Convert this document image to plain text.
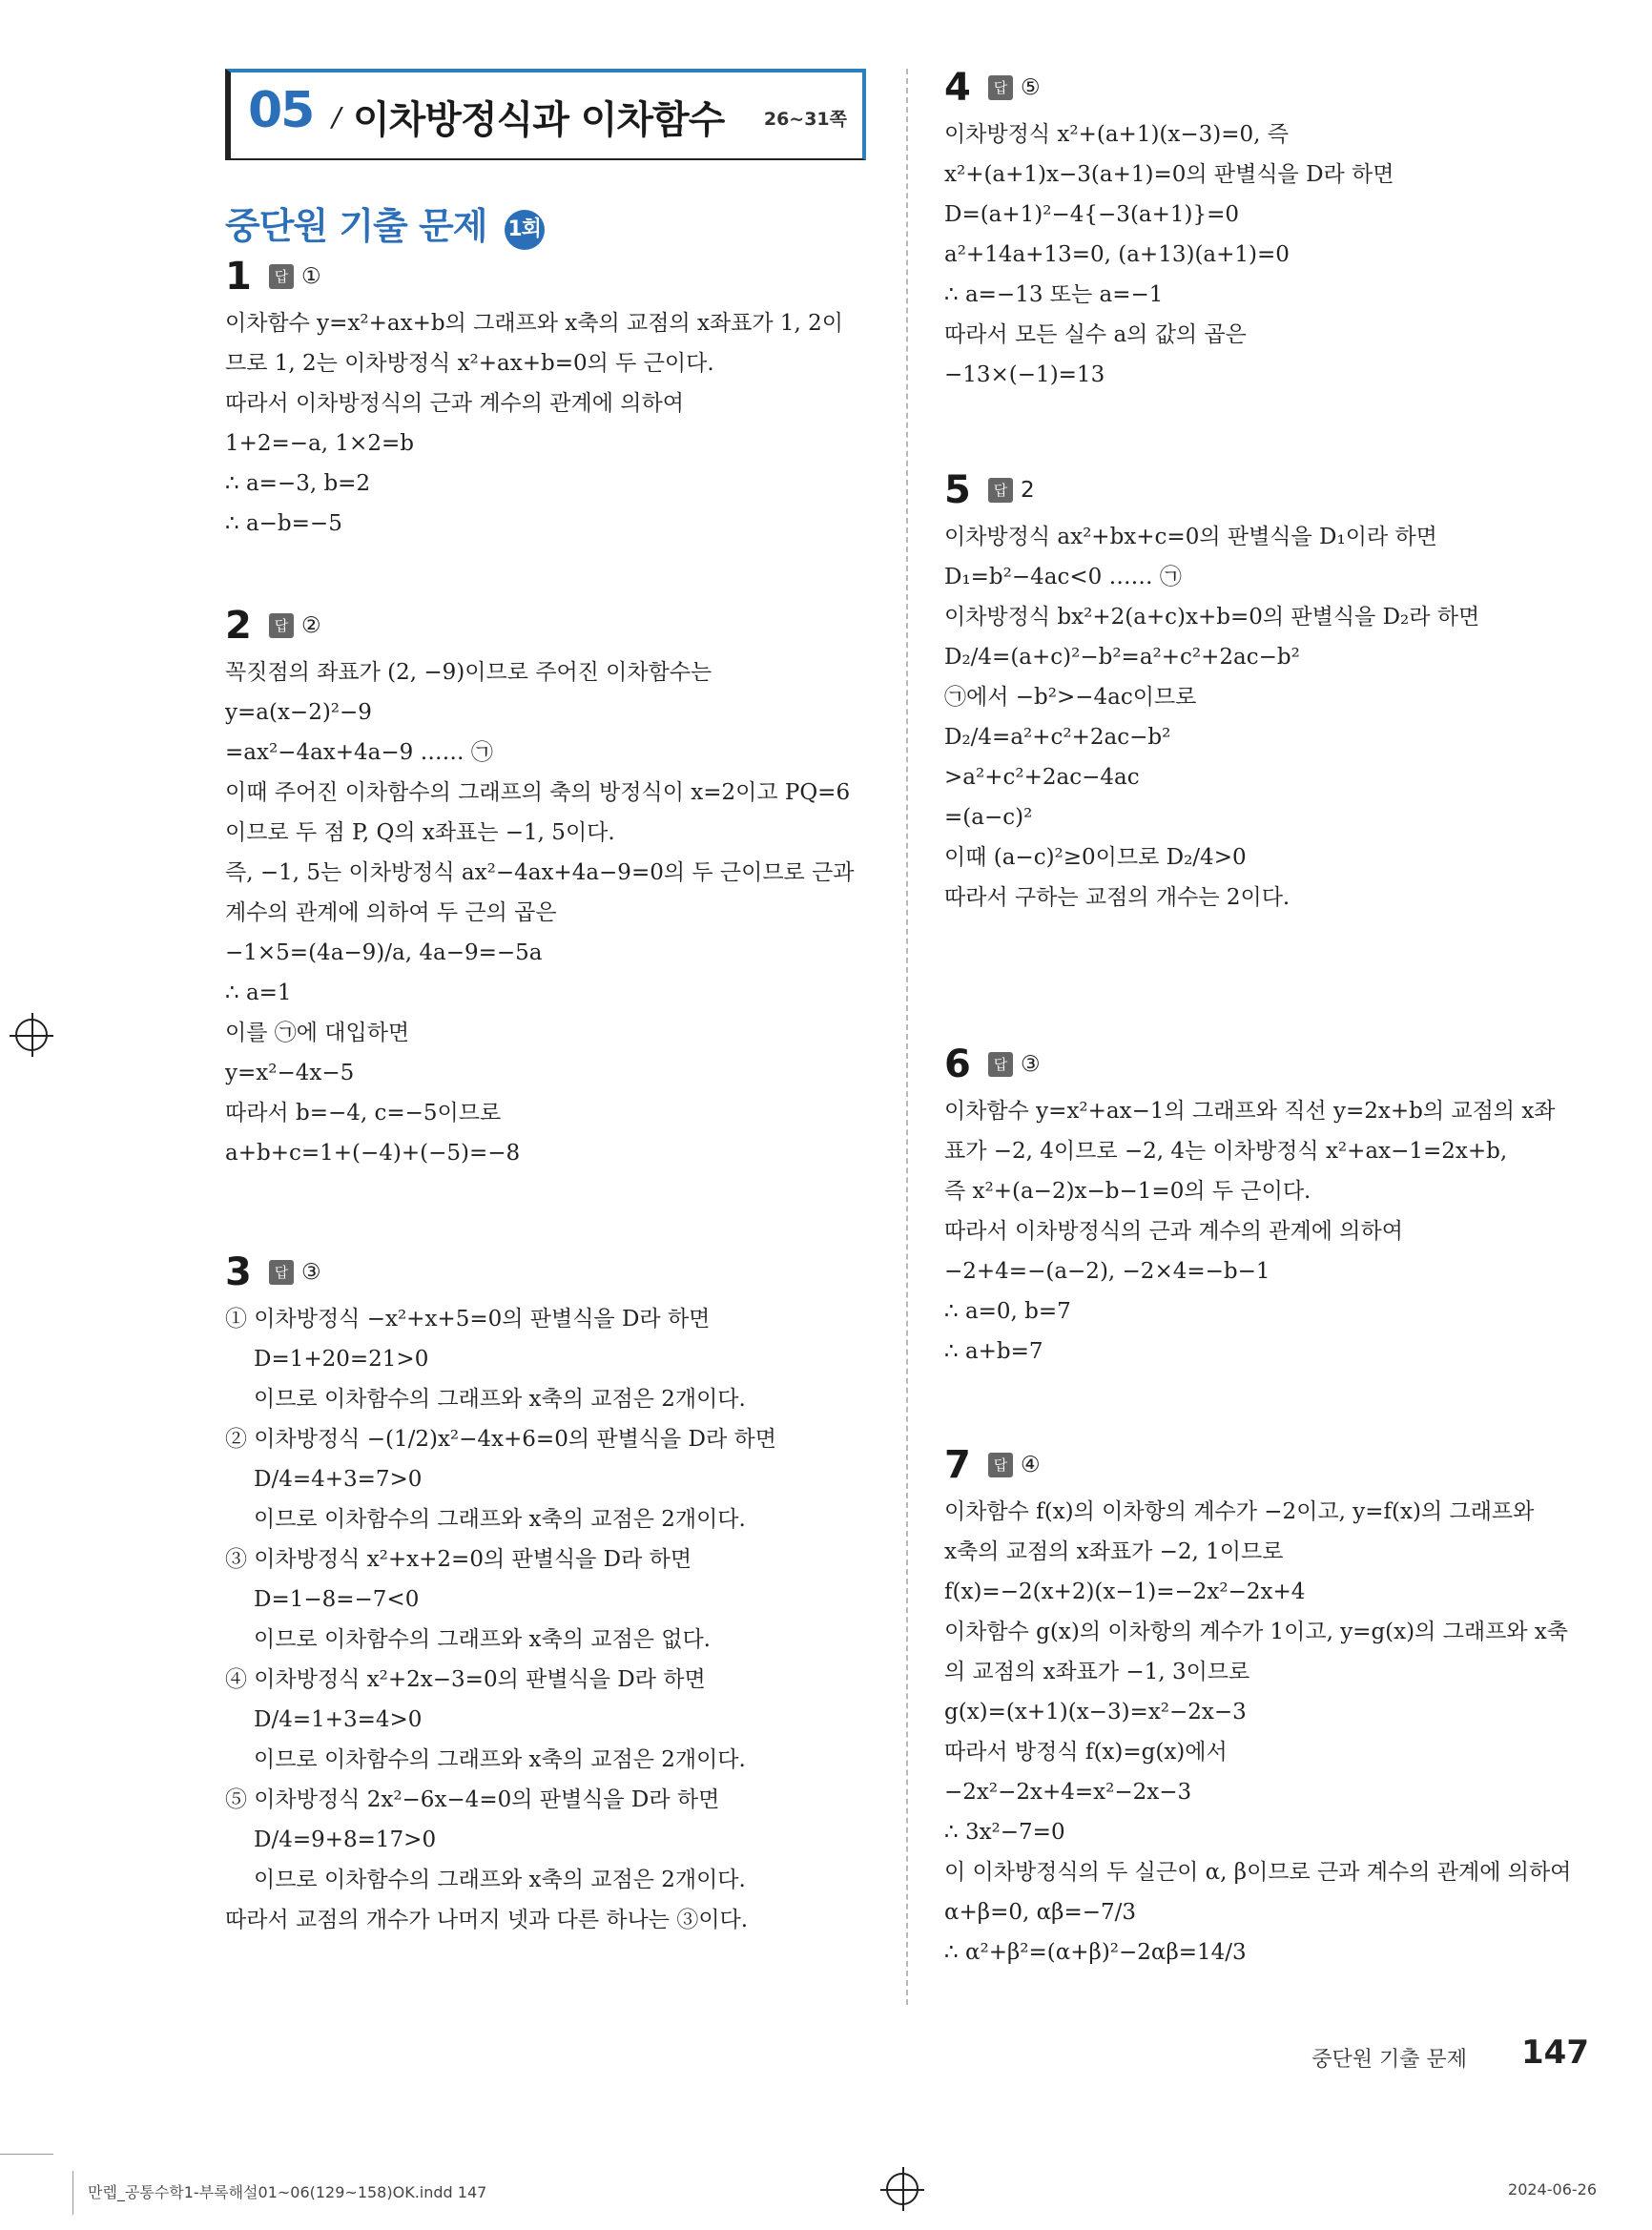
05 / 이차방정식과 이차함수 26~31쪽
중단원 기출 문제 1회
1	답 ①
이차함수 y=x²+ax+b의 그래프와 x축의 교점의 x좌표가 1, 2이
므로 1, 2는 이차방정식 x²+ax+b=0의 두 근이다.
따라서 이차방정식의 근과 계수의 관계에 의하여
1+2=−a, 1×2=b
∴ a=−3, b=2
∴ a−b=−5
2	답 ②
꼭짓점의 좌표가 (2, −9)이므로 주어진 이차함수는
y=a(x−2)²−9
=ax²−4ax+4a−9 …… ㉠
이때 주어진 이차함수의 그래프의 축의 방정식이 x=2이고 PQ=6
이므로 두 점 P, Q의 x좌표는 −1, 5이다.
즉, −1, 5는 이차방정식 ax²−4ax+4a−9=0의 두 근이므로 근과
계수의 관계에 의하여 두 근의 곱은
−1×5=(4a−9)/a, 4a−9=−5a
∴ a=1
이를 ㉠에 대입하면
y=x²−4x−5
따라서 b=−4, c=−5이므로
a+b+c=1+(−4)+(−5)=−8
3	답 ③
① 이차방정식 −x²+x+5=0의 판별식을 D라 하면
D=1+20=21>0
이므로 이차함수의 그래프와 x축의 교점은 2개이다.
② 이차방정식 −(1/2)x²−4x+6=0의 판별식을 D라 하면
D/4=4+3=7>0
이므로 이차함수의 그래프와 x축의 교점은 2개이다.
③ 이차방정식 x²+x+2=0의 판별식을 D라 하면
D=1−8=−7<0
이므로 이차함수의 그래프와 x축의 교점은 없다.
④ 이차방정식 x²+2x−3=0의 판별식을 D라 하면
D/4=1+3=4>0
이므로 이차함수의 그래프와 x축의 교점은 2개이다.
⑤ 이차방정식 2x²−6x−4=0의 판별식을 D라 하면
D/4=9+8=17>0
이므로 이차함수의 그래프와 x축의 교점은 2개이다.
따라서 교점의 개수가 나머지 넷과 다른 하나는 ③이다.
4	답 ⑤
이차방정식 x²+(a+1)(x−3)=0, 즉
x²+(a+1)x−3(a+1)=0의 판별식을 D라 하면
D=(a+1)²−4{−3(a+1)}=0
a²+14a+13=0, (a+13)(a+1)=0
∴ a=−13 또는 a=−1
따라서 모든 실수 a의 값의 곱은
−13×(−1)=13
5	답 2
이차방정식 ax²+bx+c=0의 판별식을 D₁이라 하면
D₁=b²−4ac<0 …… ㉠
이차방정식 bx²+2(a+c)x+b=0의 판별식을 D₂라 하면
D₂/4=(a+c)²−b²=a²+c²+2ac−b²
㉠에서 −b²>−4ac이므로
D₂/4=a²+c²+2ac−b²
>a²+c²+2ac−4ac
=(a−c)²
이때 (a−c)²≥0이므로 D₂/4>0
따라서 구하는 교점의 개수는 2이다.
6	답 ③
이차함수 y=x²+ax−1의 그래프와 직선 y=2x+b의 교점의 x좌
표가 −2, 4이므로 −2, 4는 이차방정식 x²+ax−1=2x+b,
즉 x²+(a−2)x−b−1=0의 두 근이다.
따라서 이차방정식의 근과 계수의 관계에 의하여
−2+4=−(a−2), −2×4=−b−1
∴ a=0, b=7
∴ a+b=7
7	답 ④
이차함수 f(x)의 이차항의 계수가 −2이고, y=f(x)의 그래프와
x축의 교점의 x좌표가 −2, 1이므로
f(x)=−2(x+2)(x−1)=−2x²−2x+4
이차함수 g(x)의 이차항의 계수가 1이고, y=g(x)의 그래프와 x축
의 교점의 x좌표가 −1, 3이므로
g(x)=(x+1)(x−3)=x²−2x−3
따라서 방정식 f(x)=g(x)에서
−2x²−2x+4=x²−2x−3
∴ 3x²−7=0
이 이차방정식의 두 실근이 α, β이므로 근과 계수의 관계에 의하여
α+β=0, αβ=−7/3
∴ α²+β²=(α+β)²−2αβ=14/3
중단원 기출 문제 147
만렙_공통수학1-부록해설01~06(129~158)OK.indd 147	2024-06-26
